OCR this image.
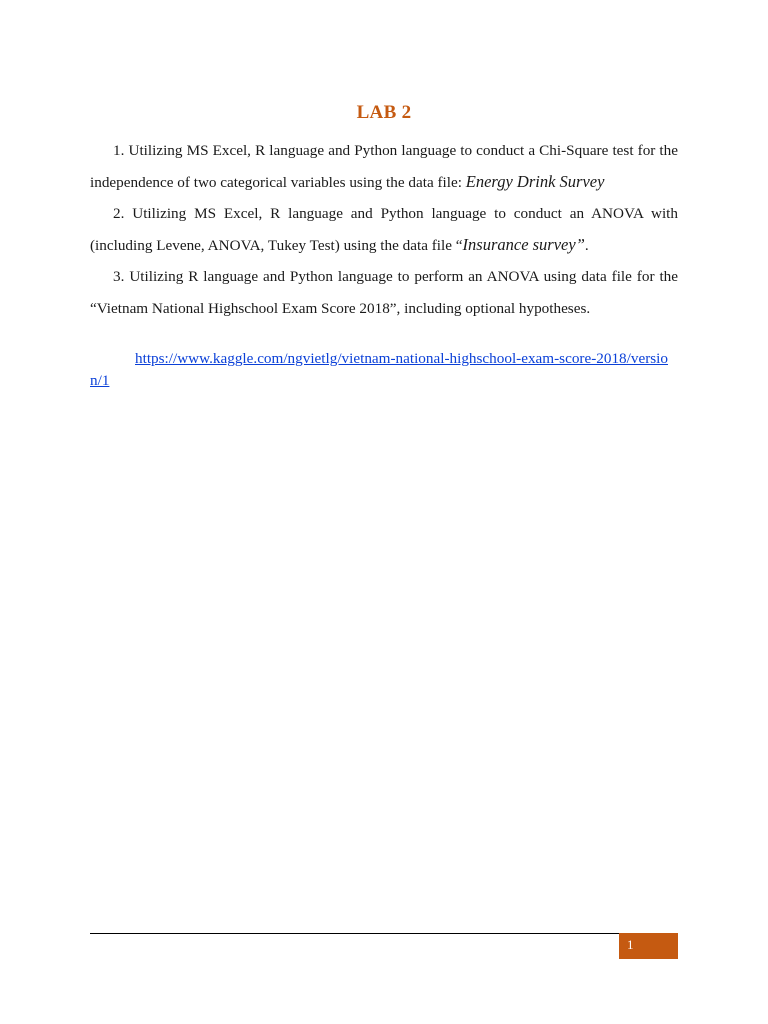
LAB 2

1. Utilizing MS Excel, R language and Python language to conduct a Chi-Square test for the independence of two categorical variables using the data file: Energy Drink Survey

2. Utilizing MS Excel, R language and Python language to conduct an ANOVA with (including Levene, ANOVA, Tukey Test) using the data file “Insurance survey”.

3. Utilizing R language and Python language to perform an ANOVA using data file for the “Vietnam National Highschool Exam Score 2018”, including optional hypotheses.

https://www.kaggle.com/ngvietlg/vietnam-national-highschool-exam-score-2018/version/1
1
